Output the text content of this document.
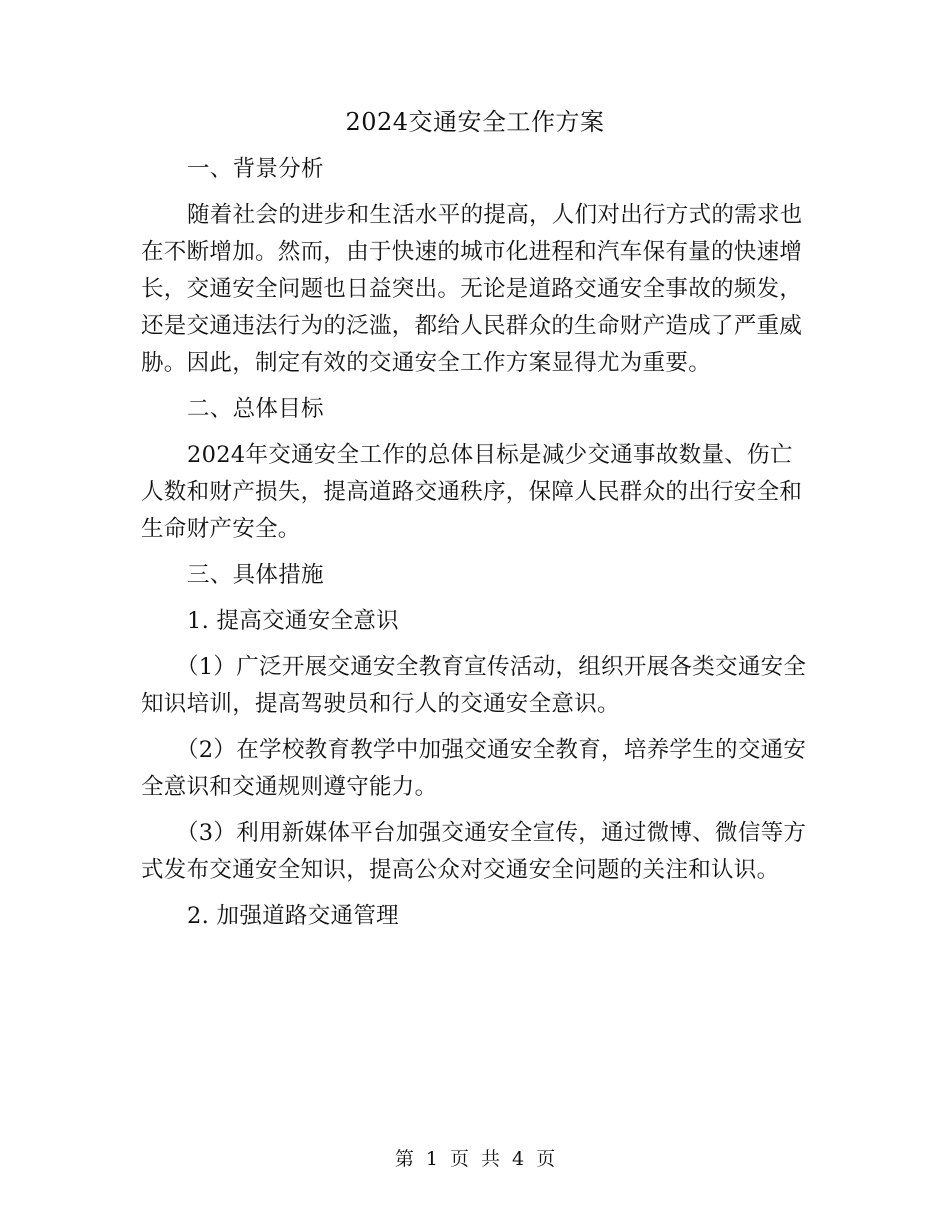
2024交通安全工作方案

一、背景分析

随着社会的进步和生活水平的提高，人们对出行方式的需求也在不断增加。然而，由于快速的城市化进程和汽车保有量的快速增长，交通安全问题也日益突出。无论是道路交通安全事故的频发，还是交通违法行为的泛滥，都给人民群众的生命财产造成了严重威胁。因此，制定有效的交通安全工作方案显得尤为重要。

二、总体目标

2024年交通安全工作的总体目标是减少交通事故数量、伤亡人数和财产损失，提高道路交通秩序，保障人民群众的出行安全和生命财产安全。

三、具体措施

1. 提高交通安全意识

（1）广泛开展交通安全教育宣传活动，组织开展各类交通安全知识培训，提高驾驶员和行人的交通安全意识。

（2）在学校教育教学中加强交通安全教育，培养学生的交通安全意识和交通规则遵守能力。

（3）利用新媒体平台加强交通安全宣传，通过微博、微信等方式发布交通安全知识，提高公众对交通安全问题的关注和认识。

2. 加强道路交通管理

第 1 页 共 4 页
